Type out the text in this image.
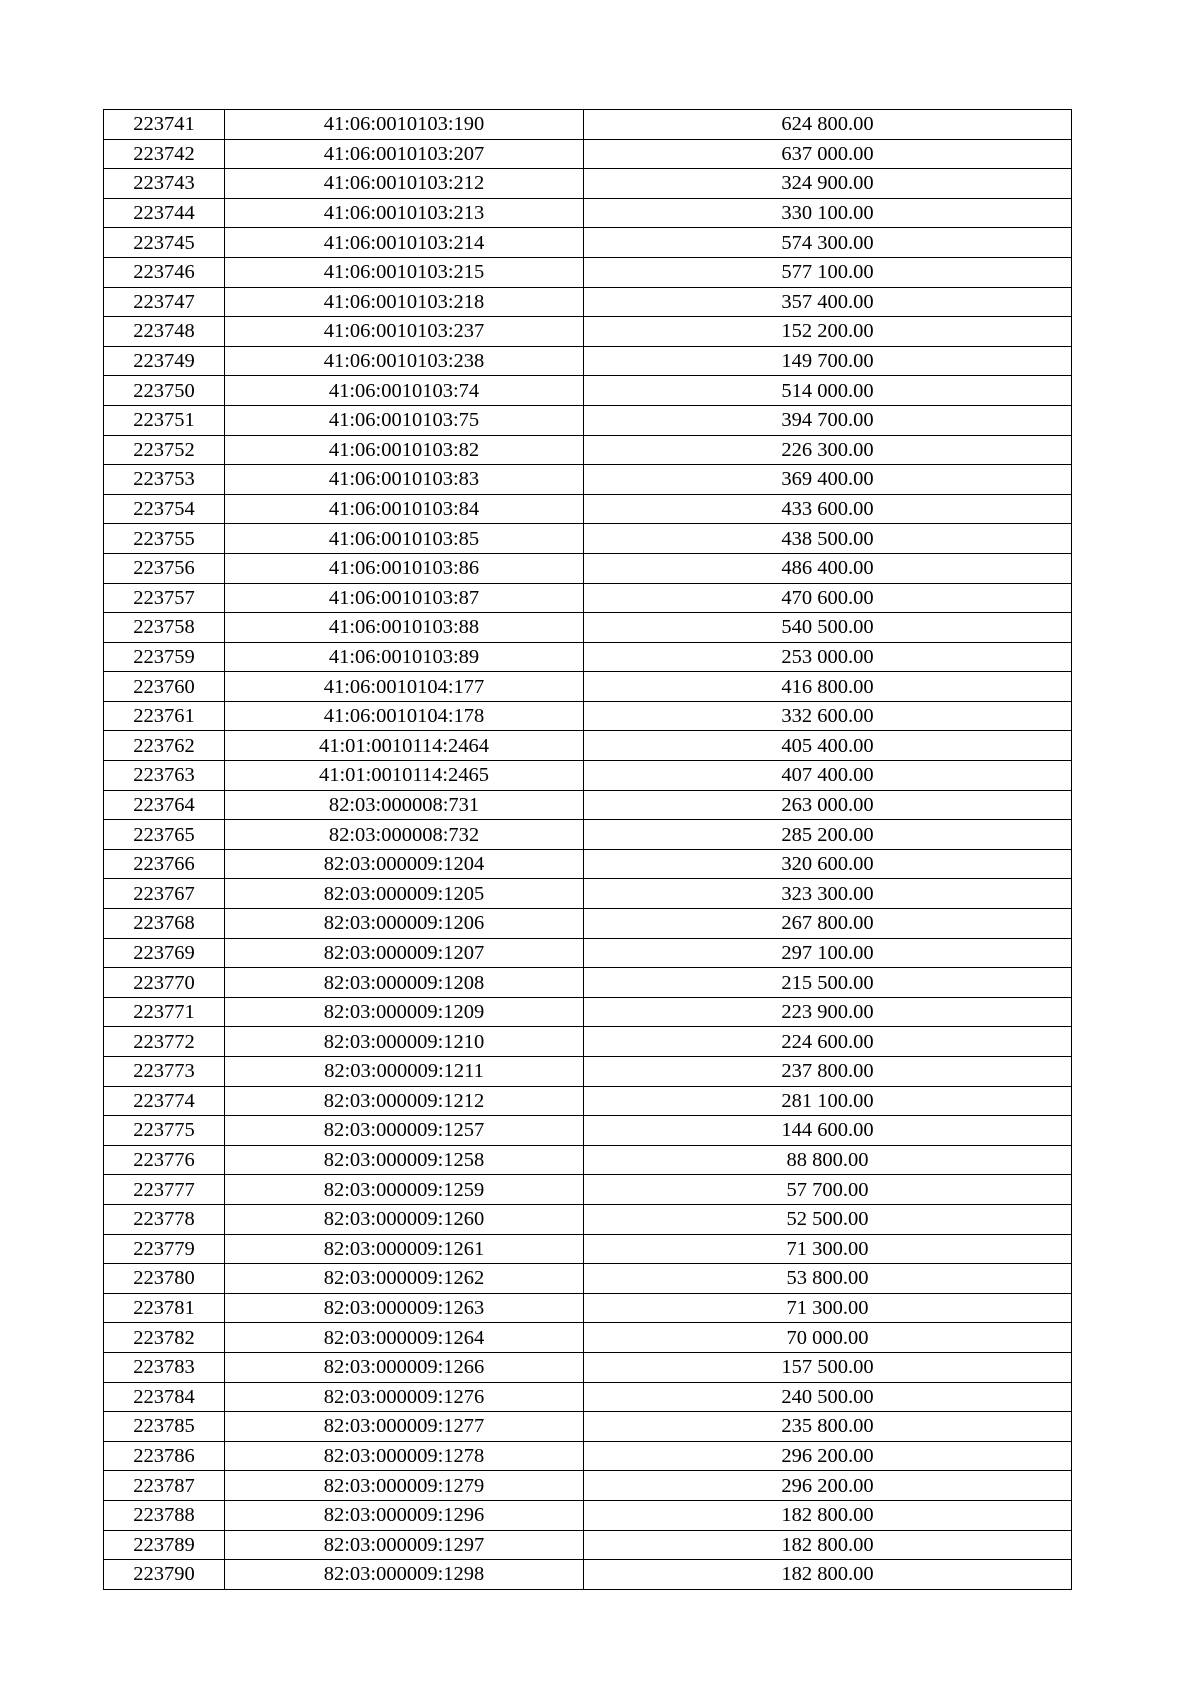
223741	41:06:0010103:190	624 800.00
223742	41:06:0010103:207	637 000.00
223743	41:06:0010103:212	324 900.00
223744	41:06:0010103:213	330 100.00
223745	41:06:0010103:214	574 300.00
223746	41:06:0010103:215	577 100.00
223747	41:06:0010103:218	357 400.00
223748	41:06:0010103:237	152 200.00
223749	41:06:0010103:238	149 700.00
223750	41:06:0010103:74	514 000.00
223751	41:06:0010103:75	394 700.00
223752	41:06:0010103:82	226 300.00
223753	41:06:0010103:83	369 400.00
223754	41:06:0010103:84	433 600.00
223755	41:06:0010103:85	438 500.00
223756	41:06:0010103:86	486 400.00
223757	41:06:0010103:87	470 600.00
223758	41:06:0010103:88	540 500.00
223759	41:06:0010103:89	253 000.00
223760	41:06:0010104:177	416 800.00
223761	41:06:0010104:178	332 600.00
223762	41:01:0010114:2464	405 400.00
223763	41:01:0010114:2465	407 400.00
223764	82:03:000008:731	263 000.00
223765	82:03:000008:732	285 200.00
223766	82:03:000009:1204	320 600.00
223767	82:03:000009:1205	323 300.00
223768	82:03:000009:1206	267 800.00
223769	82:03:000009:1207	297 100.00
223770	82:03:000009:1208	215 500.00
223771	82:03:000009:1209	223 900.00
223772	82:03:000009:1210	224 600.00
223773	82:03:000009:1211	237 800.00
223774	82:03:000009:1212	281 100.00
223775	82:03:000009:1257	144 600.00
223776	82:03:000009:1258	88 800.00
223777	82:03:000009:1259	57 700.00
223778	82:03:000009:1260	52 500.00
223779	82:03:000009:1261	71 300.00
223780	82:03:000009:1262	53 800.00
223781	82:03:000009:1263	71 300.00
223782	82:03:000009:1264	70 000.00
223783	82:03:000009:1266	157 500.00
223784	82:03:000009:1276	240 500.00
223785	82:03:000009:1277	235 800.00
223786	82:03:000009:1278	296 200.00
223787	82:03:000009:1279	296 200.00
223788	82:03:000009:1296	182 800.00
223789	82:03:000009:1297	182 800.00
223790	82:03:000009:1298	182 800.00
